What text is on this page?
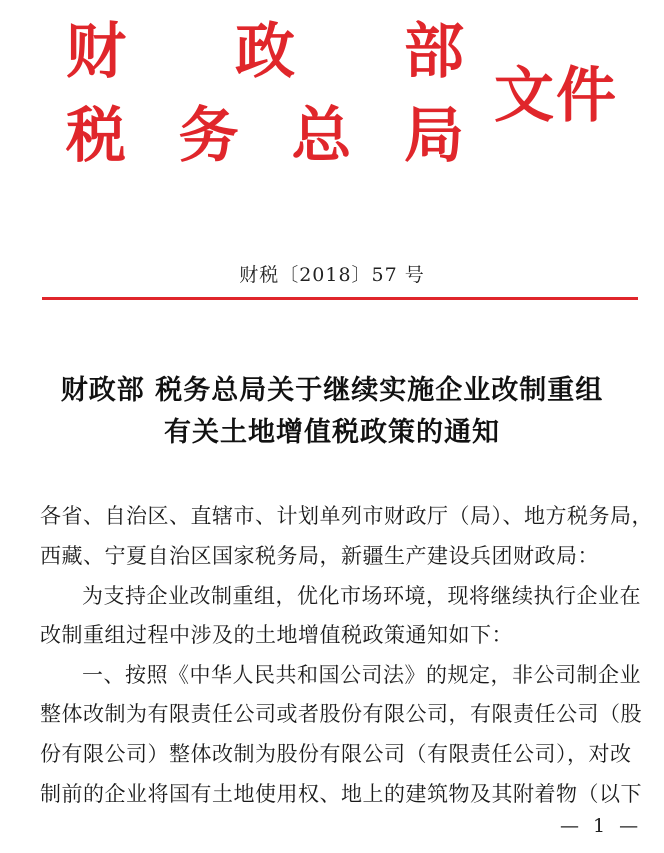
财 政 部
税 务 总 局
文件
财税〔2018〕57 号
财政部 税务总局关于继续实施企业改制重组
有关土地增值税政策的通知
各省、自治区、直辖市、计划单列市财政厅（局）、地方税务局，
西藏、宁夏自治区国家税务局，新疆生产建设兵团财政局：
为支持企业改制重组，优化市场环境，现将继续执行企业在
改制重组过程中涉及的土地增值税政策通知如下：
一、按照《中华人民共和国公司法》的规定，非公司制企业
整体改制为有限责任公司或者股份有限公司，有限责任公司（股
份有限公司）整体改制为股份有限公司（有限责任公司），对改
制前的企业将国有土地使用权、地上的建筑物及其附着物（以下
— 1 —
